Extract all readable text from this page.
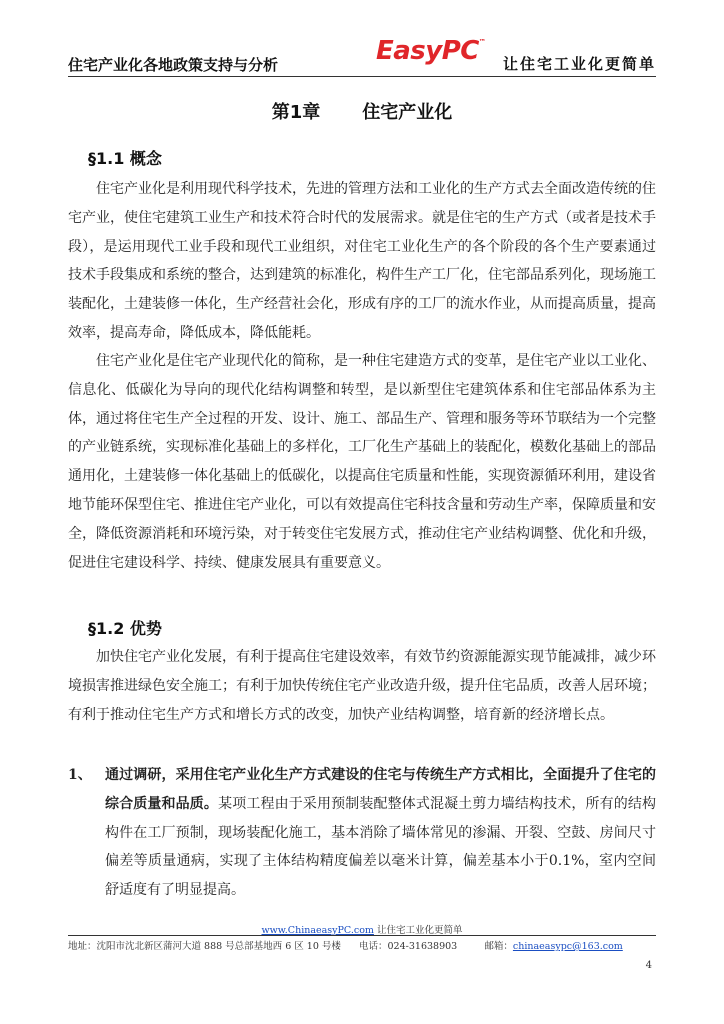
住宅产业化各地政策支持与分析	EasyPC™
让住宅工业化更简单
第1章 住宅产业化
§1.1 概念

住宅产业化是利用现代科学技术，先进的管理方法和工业化的生产方式去全面改造传统的住宅产业，使住宅建筑工业生产和技术符合时代的发展需求。就是住宅的生产方式（或者是技术手段），是运用现代工业手段和现代工业组织，对住宅工业化生产的各个阶段的各个生产要素通过技术手段集成和系统的整合，达到建筑的标准化，构件生产工厂化，住宅部品系列化，现场施工装配化，土建装修一体化，生产经营社会化，形成有序的工厂的流水作业，从而提高质量，提高效率，提高寿命，降低成本，降低能耗。

住宅产业化是住宅产业现代化的简称，是一种住宅建造方式的变革，是住宅产业以工业化、信息化、低碳化为导向的现代化结构调整和转型，是以新型住宅建筑体系和住宅部品体系为主体，通过将住宅生产全过程的开发、设计、施工、部品生产、管理和服务等环节联结为一个完整的产业链系统，实现标准化基础上的多样化，工厂化生产基础上的装配化，模数化基础上的部品通用化，土建装修一体化基础上的低碳化，以提高住宅质量和性能，实现资源循环利用，建设省地节能环保型住宅、推进住宅产业化，可以有效提高住宅科技含量和劳动生产率，保障质量和安全，降低资源消耗和环境污染，对于转变住宅发展方式，推动住宅产业结构调整、优化和升级，促进住宅建设科学、持续、健康发展具有重要意义。

§1.2 优势

加快住宅产业化发展，有利于提高住宅建设效率，有效节约资源能源实现节能减排，减少环境损害推进绿色安全施工；有利于加快传统住宅产业改造升级，提升住宅品质，改善人居环境；有利于推动住宅生产方式和增长方式的改变，加快产业结构调整，培育新的经济增长点。

1、 通过调研，采用住宅产业化生产方式建设的住宅与传统生产方式相比，全面提升了住宅的综合质量和品质。某项工程由于采用预制装配整体式混凝土剪力墙结构技术，所有的结构构件在工厂预制，现场装配化施工，基本消除了墙体常见的渗漏、开裂、空鼓、房间尺寸偏差等质量通病，实现了主体结构精度偏差以毫米计算，偏差基本小于0.1%，室内空间舒适度有了明显提高。
www.ChinaeasyPC.com 让住宅工业化更简单
地址：沈阳市沈北新区蒲河大道 888 号总部基地西 6 区 10 号楼 电话：024-31638903	邮箱：chinaeasypc@163.com
4
